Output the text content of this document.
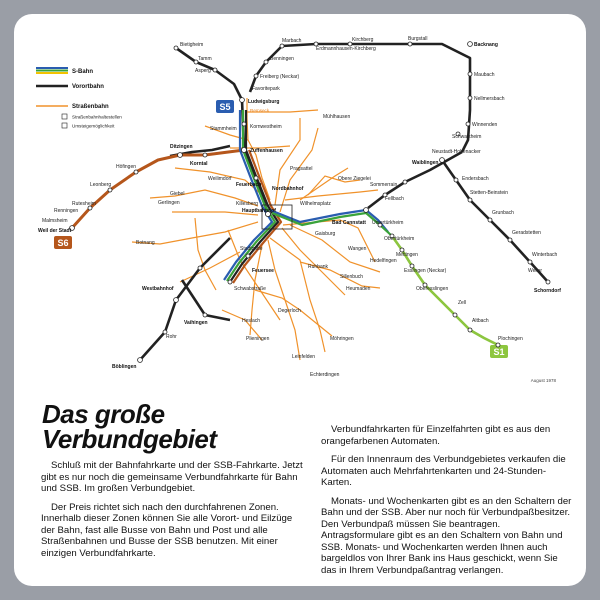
S-Bahn
Vorortbahn
Straßenbahn
Straßenbahnhaltestellen
Umsteigemöglichkeit
S5
S6
S1
Bietigheim
Tamm
Asperg
Ludwigsburg
Favoritepark
Freiberg (Neckar)
Benningen
Marbach
Erdmannhausen-Kirchberg
Kirchberg	Burgstall
Backnang
Maubach
Nellmersbach
Winnenden
Schwaikheim
Neustadt-Hohenacker
Waiblingen
Endersbach
Stetten-Beinstein
Grunbach
Geradstetten
Winterbach
Weiler
Schorndorf
Kornwestheim
Zuffenhausen
Stammheim
Ditzingen
Höfingen
Leonberg
Rutesheim
Renningen
Malmsheim
Weil der Stadt
Korntal
Weilimdorf
Gerlingen
Giebel
Feuerbach
Nordbahnhof
Hauptbahnhof
Killesberg
Botnang
Westbahnhof
Vaihingen
Rohr
Böblingen
Bad Cannstatt Untertürkheim
Obertürkheim
Mettingen
Esslingen (Neckar)
Oberesslingen
Zell
Altbach
Plochingen
Fellbach
Sommerrain
Mühlhausen
Hedelfingen
Ruhbank
Sillenbuch
Heumaden
Degerloch
Möhringen
Leinfelden
Echterdingen
Plieningen
Heslach
Stadtmitte
Feuersee
Schwabstraße
Obere Ziegelei
Wilhelmsplatz
Pragsattel
Gaisburg
Wangen
Remseck
August 1978
Das große
Verbundgebiet

Schluß mit der Bahnfahrkarte und der SSB-Fahrkarte. Jetzt gibt es nur noch die gemeinsame Verbundfahrkarte für Bahn und SSB. Im großen Verbundgebiet.

Der Preis richtet sich nach den durchfahrenen Zonen. Innerhalb dieser Zonen können Sie alle Vorort- und Eilzüge der Bahn, fast alle Busse von Bahn und Post und alle Straßenbahnen und Busse der SSB benutzen. Mit einer einzigen Verbundfahrkarte.

Verbundfahrkarten für Einzelfahrten gibt es aus den orangefarbenen Automaten.

Für den Innenraum des Verbundgebietes verkaufen die Automaten auch Mehrfahrtenkarten und 24-Stunden-Karten.

Monats- und Wochenkarten gibt es an den Schaltern der Bahn und der SSB. Aber nur noch für Verbundpaßbesitzer. Den Verbundpaß müssen Sie beantragen. Antragsformulare gibt es an den Schaltern von Bahn und SSB. Monats- und Wochenkarten werden Ihnen auch bargeldlos von Ihrer Bank ins Haus geschickt, wenn Sie das in Ihrem Verbundpaßantrag verlangen.
